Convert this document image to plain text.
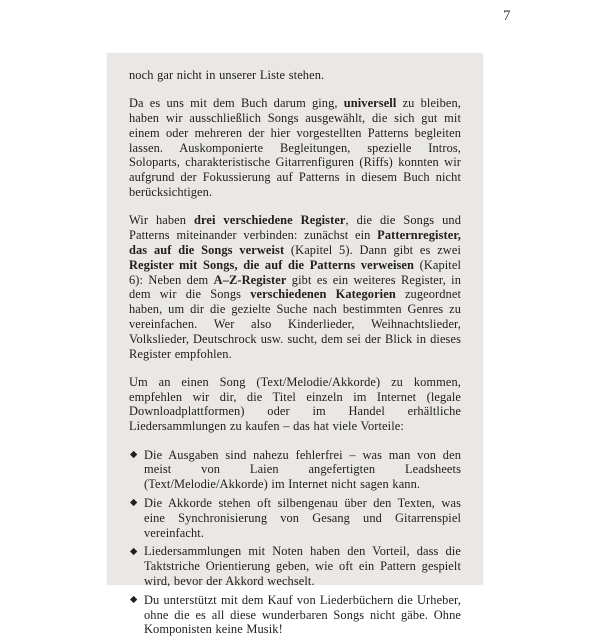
7

noch gar nicht in unserer Liste stehen.

Da es uns mit dem Buch darum ging, universell zu bleiben, haben wir ausschließlich Songs ausgewählt, die sich gut mit einem oder mehreren der hier vorgestellten Patterns begleiten lassen. Auskomponierte Begleitungen, spezielle Intros, Soloparts, charakteristische Gitarrenfiguren (Riffs) konnten wir aufgrund der Fokussierung auf Patterns in diesem Buch nicht berücksichtigen.

Wir haben drei verschiedene Register, die die Songs und Patterns miteinander verbinden: zunächst ein Patternregister, das auf die Songs verweist (Kapitel 5). Dann gibt es zwei Register mit Songs, die auf die Patterns verweisen (Kapitel 6): Neben dem A–Z-Register gibt es ein weiteres Register, in dem wir die Songs verschiedenen Kategorien zugeordnet haben, um dir die gezielte Suche nach bestimmten Genres zu vereinfachen. Wer also Kinderlieder, Weihnachtslieder, Volkslieder, Deutschrock usw. sucht, dem sei der Blick in dieses Register empfohlen.

Um an einen Song (Text/Melodie/Akkorde) zu kommen, empfehlen wir dir, die Titel einzeln im Internet (legale Downloadplattformen) oder im Handel erhältliche Liedersammlungen zu kaufen – das hat viele Vorteile:

◆ Die Ausgaben sind nahezu fehlerfrei – was man von den meist von Laien angefertigten Leadsheets (Text/Melodie/Akkorde) im Internet nicht sagen kann.
◆ Die Akkorde stehen oft silbengenau über den Texten, was eine Synchronisierung von Gesang und Gitarrenspiel vereinfacht.
◆ Liedersammlungen mit Noten haben den Vorteil, dass die Taktstriche Orientierung geben, wie oft ein Pattern gespielt wird, bevor der Akkord wechselt.
◆ Du unterstützt mit dem Kauf von Liederbüchern die Urheber, ohne die es all diese wunderbaren Songs nicht gäbe. Ohne Komponisten keine Musik!
